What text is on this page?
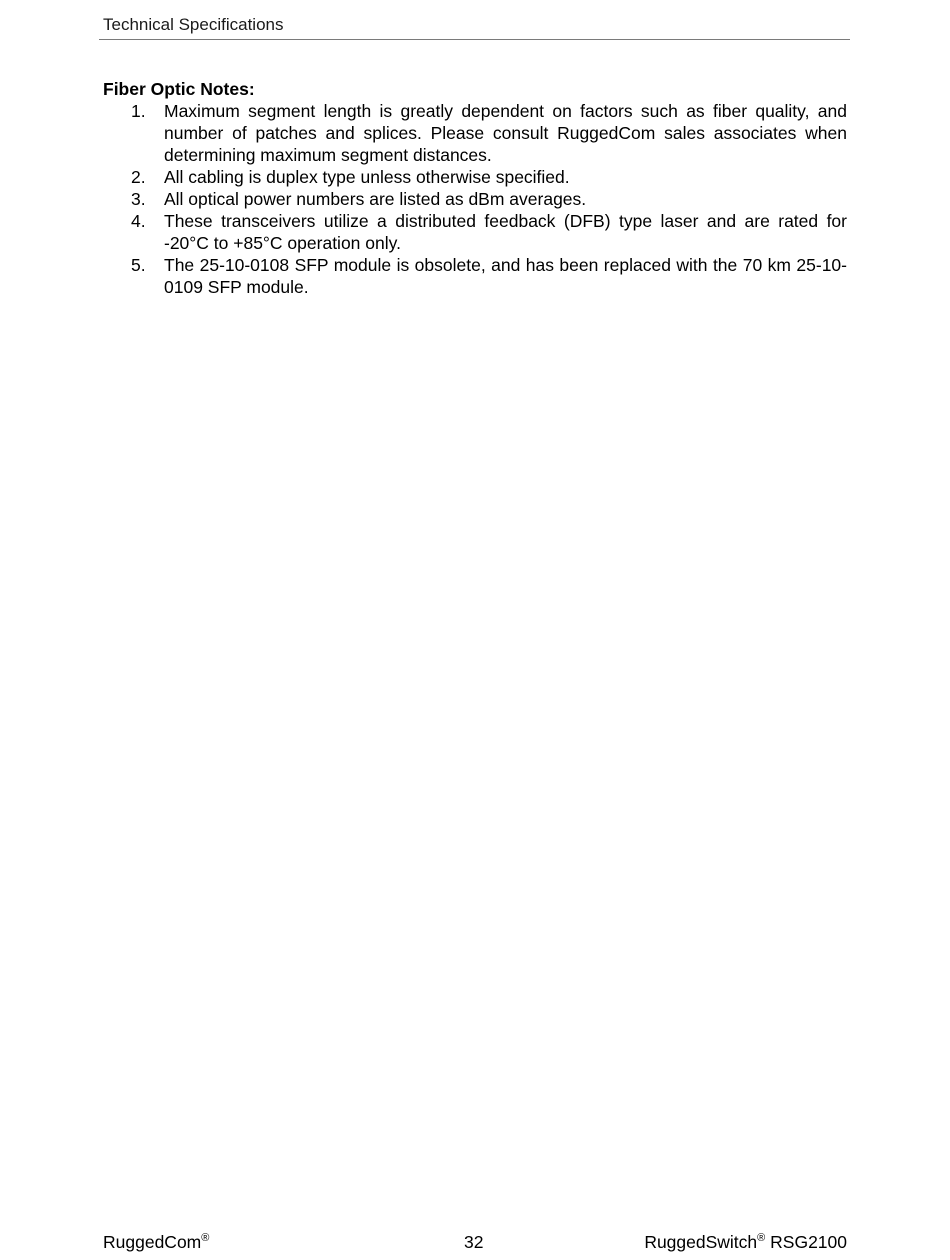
Technical Specifications

Fiber Optic Notes:

1. Maximum segment length is greatly dependent on factors such as fiber quality, and number of patches and splices. Please consult RuggedCom sales associates when determining maximum segment distances.
2. All cabling is duplex type unless otherwise specified.
3. All optical power numbers are listed as dBm averages.
4. These transceivers utilize a distributed feedback (DFB) type laser and are rated for -20°C to +85°C operation only.
5. The 25-10-0108 SFP module is obsolete, and has been replaced with the 70 km 25-10-0109 SFP module.
RuggedCom®	32	RuggedSwitch® RSG2100
